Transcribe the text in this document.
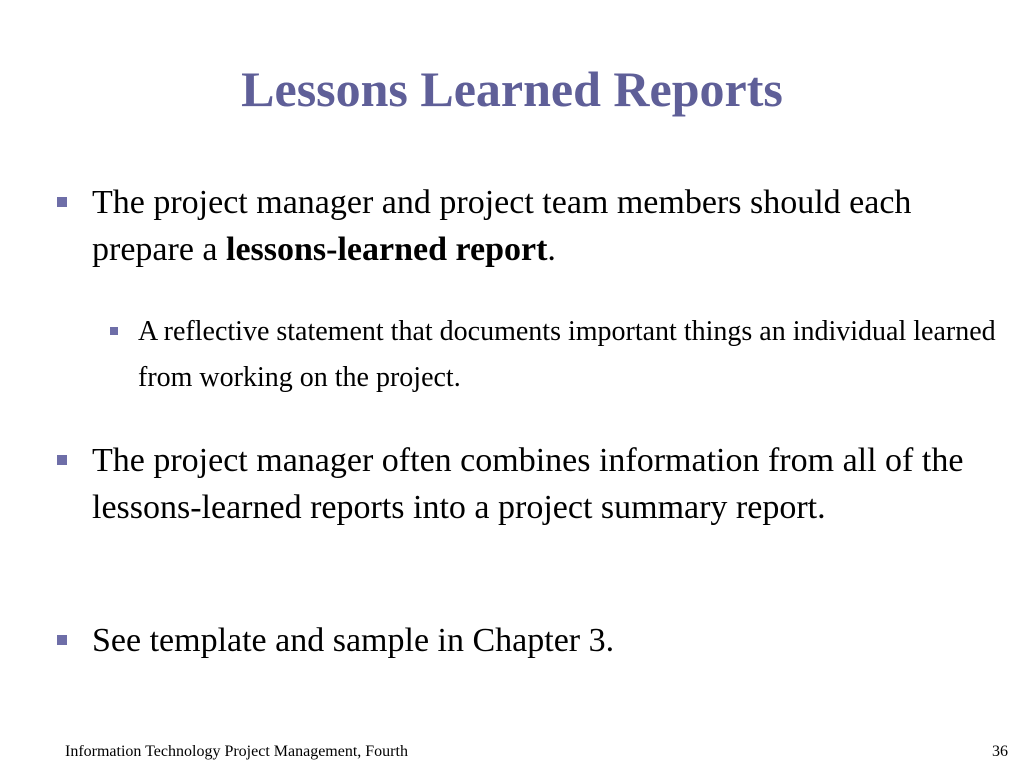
Lessons Learned Reports
The project manager and project team members should each prepare a lessons-learned report.
A reflective statement that documents important things an individual learned from working on the project.
The project manager often combines information from all of the lessons-learned reports into a project summary report.
See template and sample in Chapter 3.
Information Technology Project Management, Fourth	36
